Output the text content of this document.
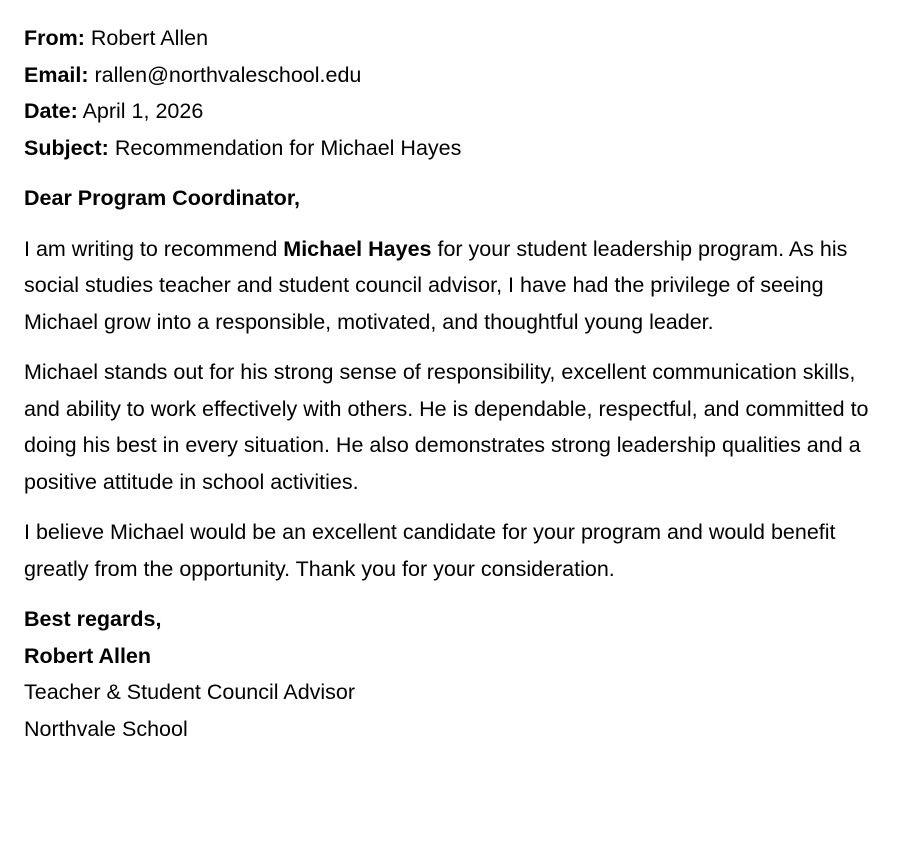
From: Robert Allen
Email: rallen@northvaleschool.edu
Date: April 1, 2026
Subject: Recommendation for Michael Hayes

Dear Program Coordinator,

I am writing to recommend Michael Hayes for your student leadership program. As his social studies teacher and student council advisor, I have had the privilege of seeing Michael grow into a responsible, motivated, and thoughtful young leader.

Michael stands out for his strong sense of responsibility, excellent communication skills, and ability to work effectively with others. He is dependable, respectful, and committed to doing his best in every situation. He also demonstrates strong leadership qualities and a positive attitude in school activities.

I believe Michael would be an excellent candidate for your program and would benefit greatly from the opportunity. Thank you for your consideration.

Best regards,
Robert Allen
Teacher & Student Council Advisor
Northvale School
